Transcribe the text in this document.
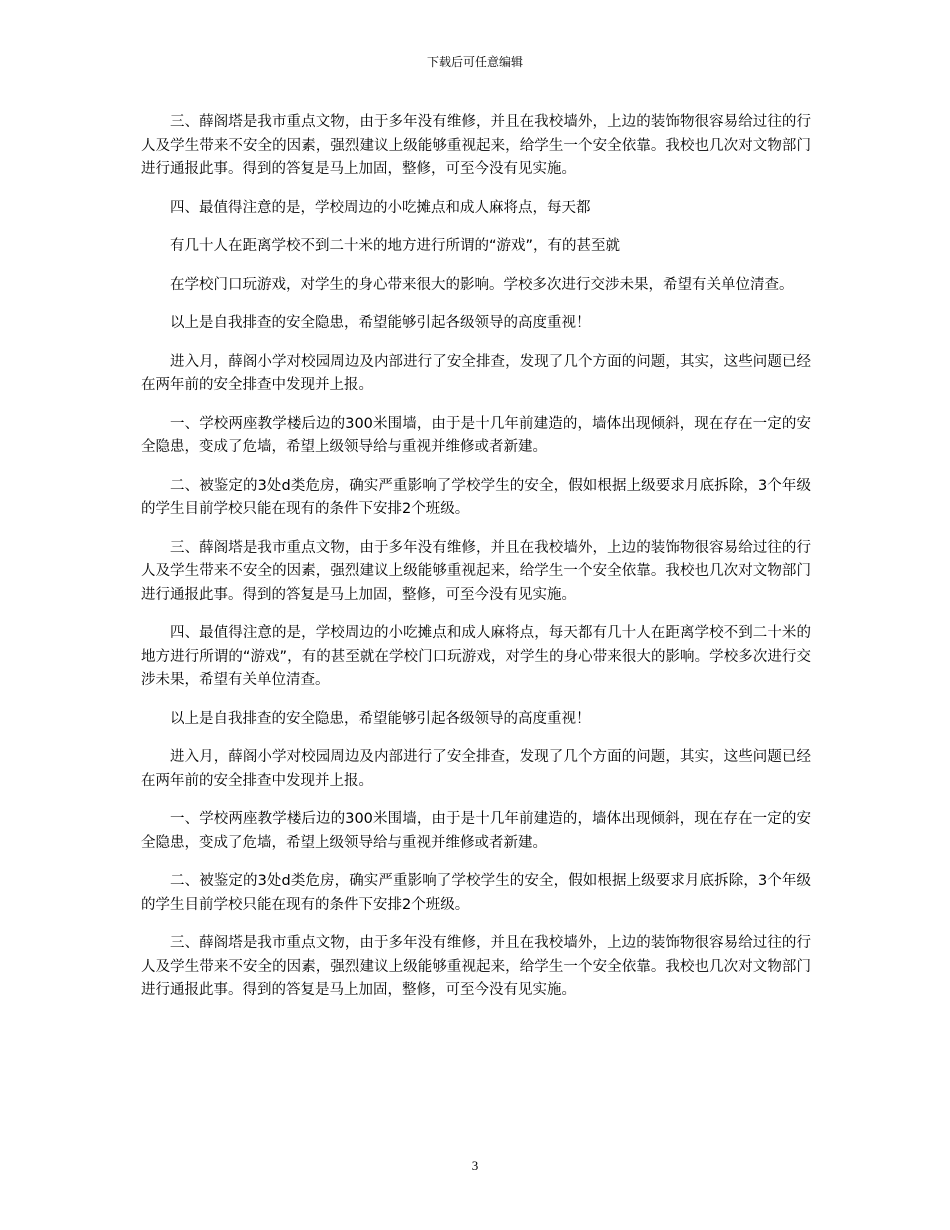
下载后可任意编辑

三、薛阁塔是我市重点文物，由于多年没有维修，并且在我校墙外，上边的装饰物很容易给过往的行人及学生带来不安全的因素，强烈建议上级能够重视起来，给学生一个安全依靠。我校也几次对文物部门进行通报此事。得到的答复是马上加固，整修，可至今没有见实施。

四、最值得注意的是，学校周边的小吃摊点和成人麻将点，每天都

有几十人在距离学校不到二十米的地方进行所谓的“游戏”，有的甚至就

在学校门口玩游戏，对学生的身心带来很大的影响。学校多次进行交涉未果，希望有关单位清查。

以上是自我排查的安全隐患，希望能够引起各级领导的高度重视！

进入月，薛阁小学对校园周边及内部进行了安全排查，发现了几个方面的问题，其实，这些问题已经在两年前的安全排查中发现并上报。

一、学校两座教学楼后边的300米围墙，由于是十几年前建造的，墙体出现倾斜，现在存在一定的安全隐患，变成了危墙，希望上级领导给与重视并维修或者新建。

二、被鉴定的3处d类危房，确实严重影响了学校学生的安全，假如根据上级要求月底拆除，3个年级的学生目前学校只能在现有的条件下安排2个班级。

三、薛阁塔是我市重点文物，由于多年没有维修，并且在我校墙外，上边的装饰物很容易给过往的行人及学生带来不安全的因素，强烈建议上级能够重视起来，给学生一个安全依靠。我校也几次对文物部门进行通报此事。得到的答复是马上加固，整修，可至今没有见实施。

四、最值得注意的是，学校周边的小吃摊点和成人麻将点，每天都有几十人在距离学校不到二十米的地方进行所谓的“游戏”，有的甚至就在学校门口玩游戏，对学生的身心带来很大的影响。学校多次进行交涉未果，希望有关单位清查。

以上是自我排查的安全隐患，希望能够引起各级领导的高度重视！

进入月，薛阁小学对校园周边及内部进行了安全排查，发现了几个方面的问题，其实，这些问题已经在两年前的安全排查中发现并上报。

一、学校两座教学楼后边的300米围墙，由于是十几年前建造的，墙体出现倾斜，现在存在一定的安全隐患，变成了危墙，希望上级领导给与重视并维修或者新建。

二、被鉴定的3处d类危房，确实严重影响了学校学生的安全，假如根据上级要求月底拆除，3个年级的学生目前学校只能在现有的条件下安排2个班级。

三、薛阁塔是我市重点文物，由于多年没有维修，并且在我校墙外，上边的装饰物很容易给过往的行人及学生带来不安全的因素，强烈建议上级能够重视起来，给学生一个安全依靠。我校也几次对文物部门进行通报此事。得到的答复是马上加固，整修，可至今没有见实施。

3
